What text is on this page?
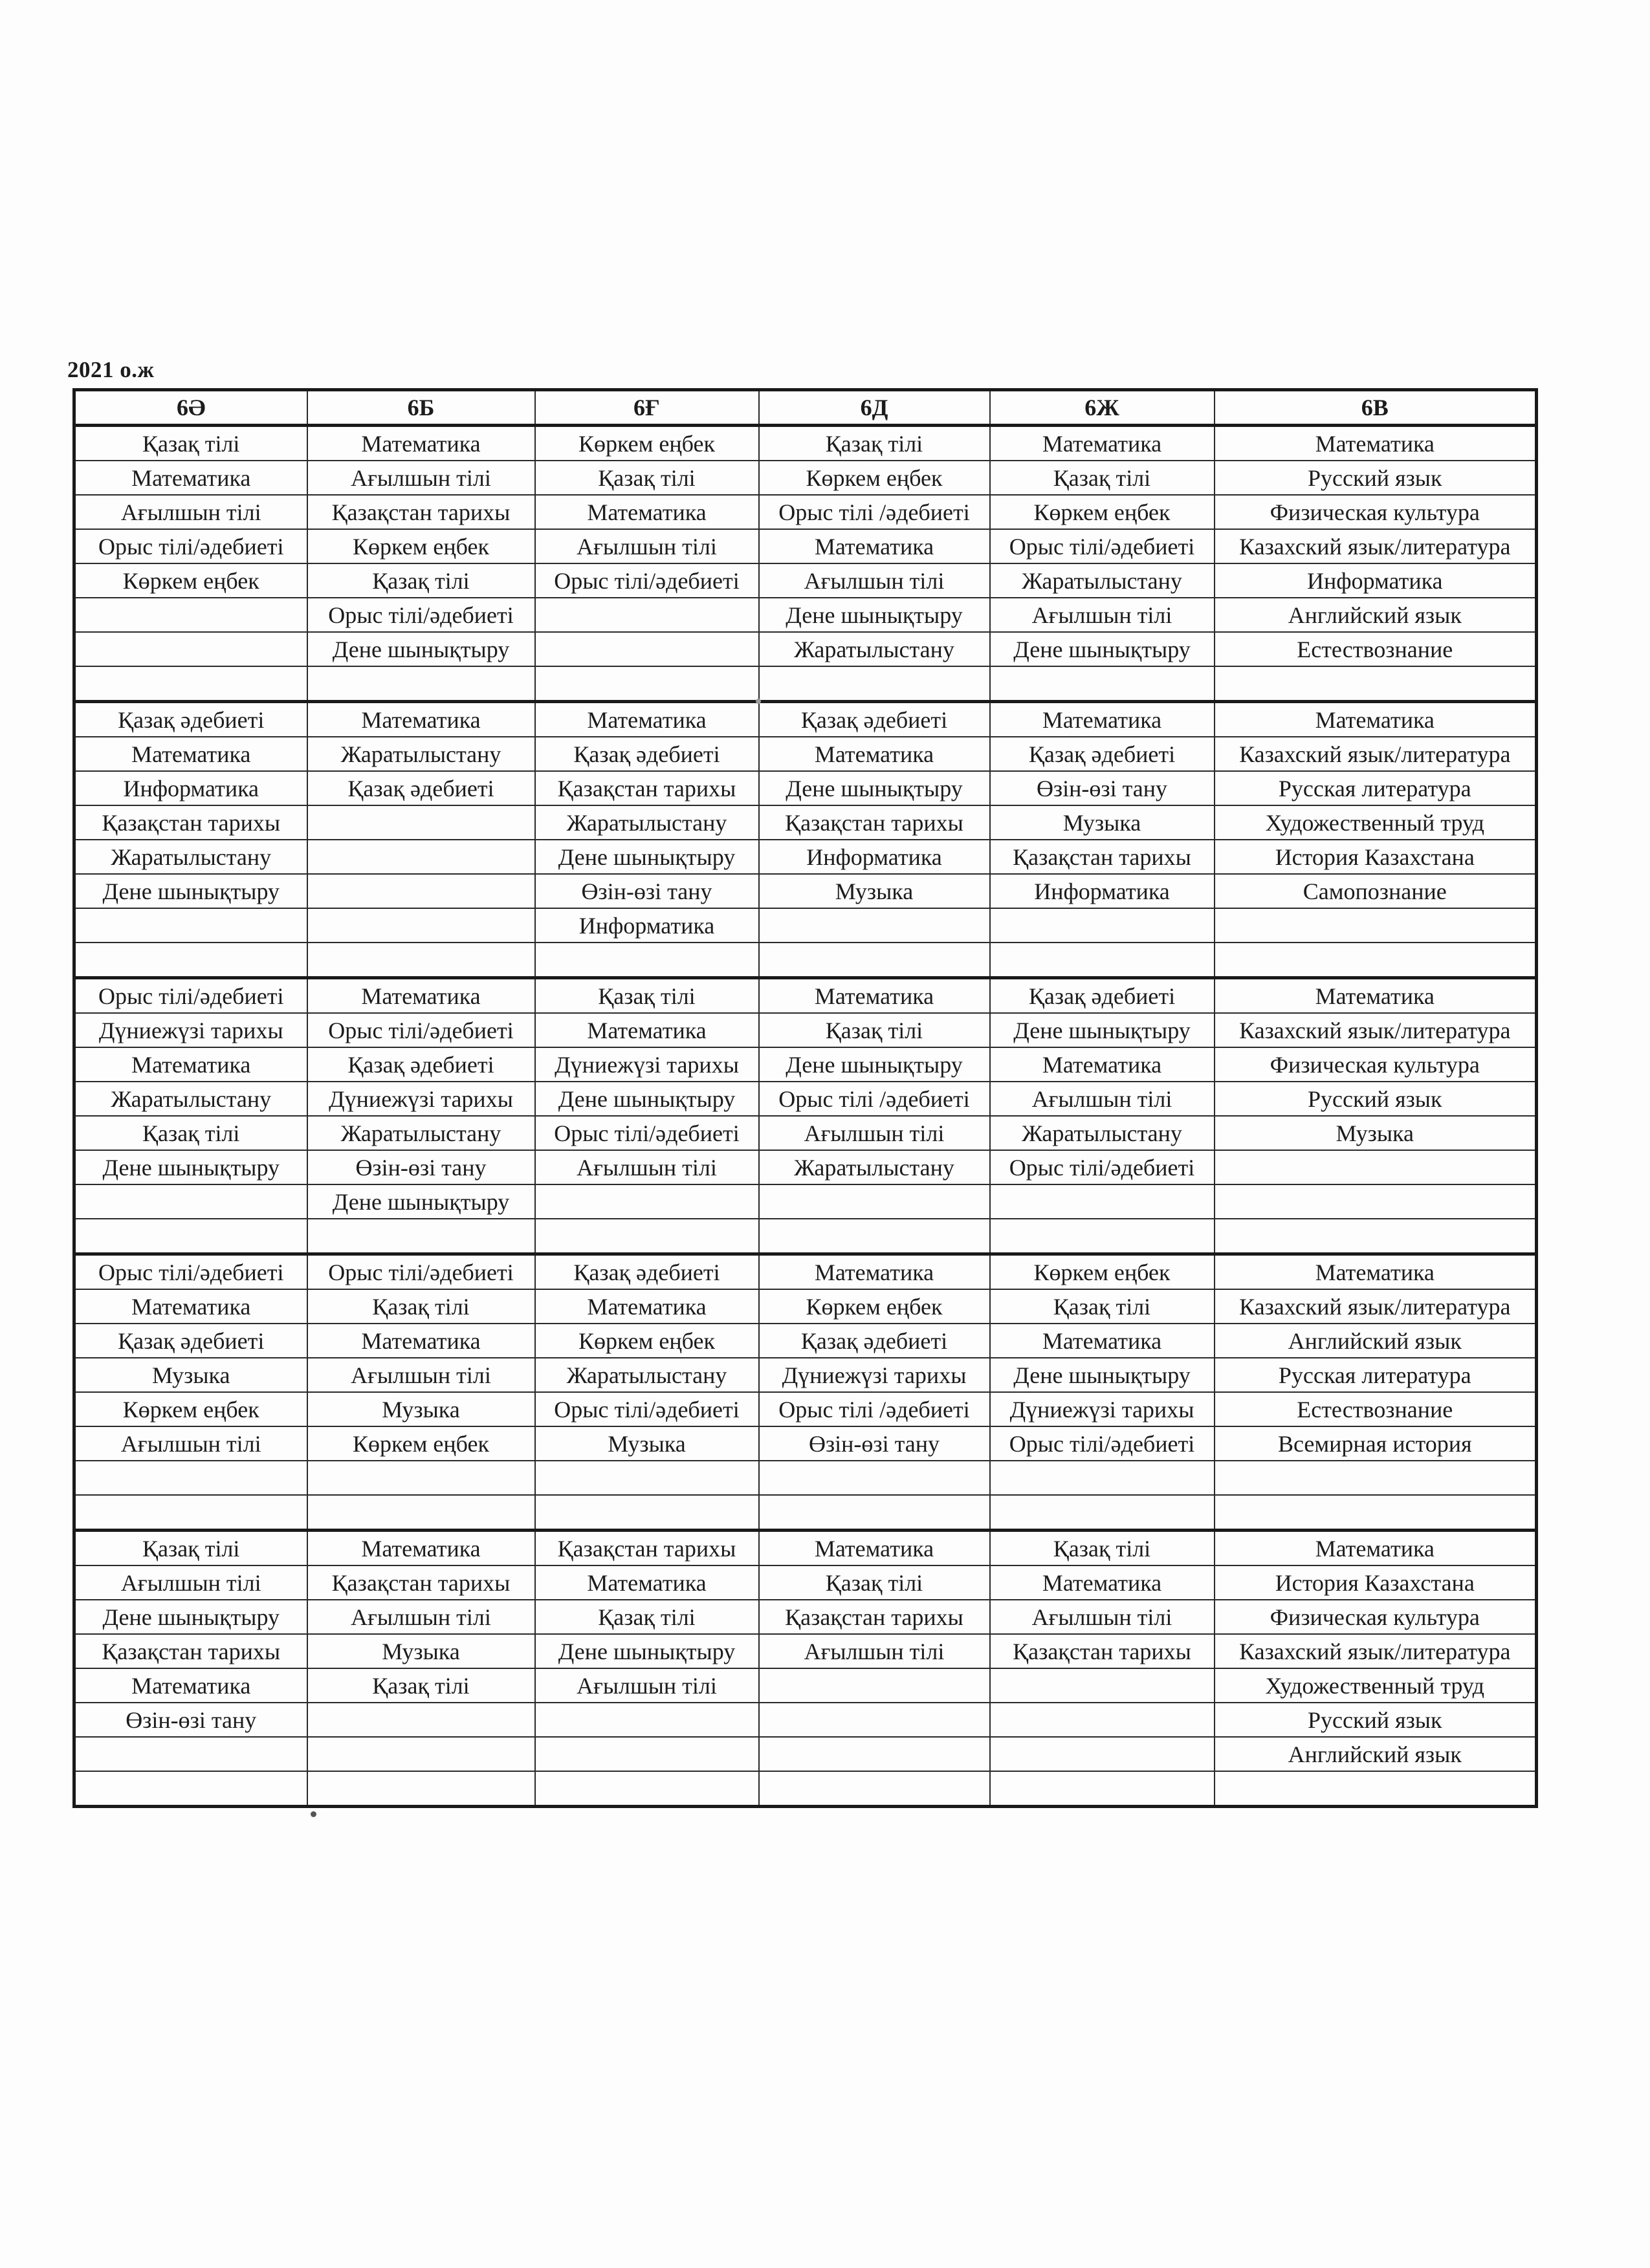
2021 о.ж
6Ә	6Б	6Ғ	6Д	6Ж	6В
Қазақ тілі	Математика	Көркем еңбек	Қазақ тілі	Математика	Математика
Математика	Ағылшын тілі	Қазақ тілі	Көркем еңбек	Қазақ тілі	Русский язык
Ағылшын тілі	Қазақстан тарихы	Математика	Орыс тілі /әдебиеті	Көркем еңбек	Физическая культура
Орыс тілі/әдебиеті	Көркем еңбек	Ағылшын тілі	Математика	Орыс тілі/әдебиеті	Казахский язык/литература
Көркем еңбек	Қазақ тілі	Орыс тілі/әдебиеті	Ағылшын тілі	Жаратылыстану	Информатика
	Орыс тілі/әдебиеті		Дене шынықтыру	Ағылшын тілі	Английский язык
	Дене шынықтыру		Жаратылыстану	Дене шынықтыру	Естествознание

Қазақ әдебиеті	Математика	Математика	Қазақ әдебиеті	Математика	Математика
Математика	Жаратылыстану	Қазақ әдебиеті	Математика	Қазақ әдебиеті	Казахский язык/литература
Информатика	Қазақ әдебиеті	Қазақстан тарихы	Дене шынықтыру	Өзін-өзі тану	Русская литература
Қазақстан тарихы		Жаратылыстану	Қазақстан тарихы	Музыка	Художественный труд
Жаратылыстану		Дене шынықтыру	Информатика	Қазақстан тарихы	История Казахстана
Дене шынықтыру		Өзін-өзі тану	Музыка	Информатика	Самопознание
		Информатика			

Орыс тілі/әдебиеті	Математика	Қазақ тілі	Математика	Қазақ әдебиеті	Математика
Дүниежүзі тарихы	Орыс тілі/әдебиеті	Математика	Қазақ тілі	Дене шынықтыру	Казахский язык/литература
Математика	Қазақ әдебиеті	Дүниежүзі тарихы	Дене шынықтыру	Математика	Физическая культура
Жаратылыстану	Дүниежүзі тарихы	Дене шынықтыру	Орыс тілі /әдебиеті	Ағылшын тілі	Русский язык
Қазақ тілі	Жаратылыстану	Орыс тілі/әдебиеті	Ағылшын тілі	Жаратылыстану	Музыка
Дене шынықтыру	Өзін-өзі тану	Ағылшын тілі	Жаратылыстану	Орыс тілі/әдебиеті	
	Дене шынықтыру				

Орыс тілі/әдебиеті	Орыс тілі/әдебиеті	Қазақ әдебиеті	Математика	Көркем еңбек	Математика
Математика	Қазақ тілі	Математика	Көркем еңбек	Қазақ тілі	Казахский язык/литература
Қазақ әдебиеті	Математика	Көркем еңбек	Қазақ әдебиеті	Математика	Английский язык
Музыка	Ағылшын тілі	Жаратылыстану	Дүниежүзі тарихы	Дене шынықтыру	Русская литература
Көркем еңбек	Музыка	Орыс тілі/әдебиеті	Орыс тілі /әдебиеті	Дүниежүзі тарихы	Естествознание
Ағылшын тілі	Көркем еңбек	Музыка	Өзін-өзі тану	Орыс тілі/әдебиеті	Всемирная история

Қазақ тілі	Математика	Қазақстан тарихы	Математика	Қазақ тілі	Математика
Ағылшын тілі	Қазақстан тарихы	Математика	Қазақ тілі	Математика	История Казахстана
Дене шынықтыру	Ағылшын тілі	Қазақ тілі	Қазақстан тарихы	Ағылшын тілі	Физическая культура
Қазақстан тарихы	Музыка	Дене шынықтыру	Ағылшын тілі	Қазақстан тарихы	Казахский язык/литература
Математика	Қазақ тілі	Ағылшын тілі			Художественный труд
Өзін-өзі тану					Русский язык
					Английский язык
